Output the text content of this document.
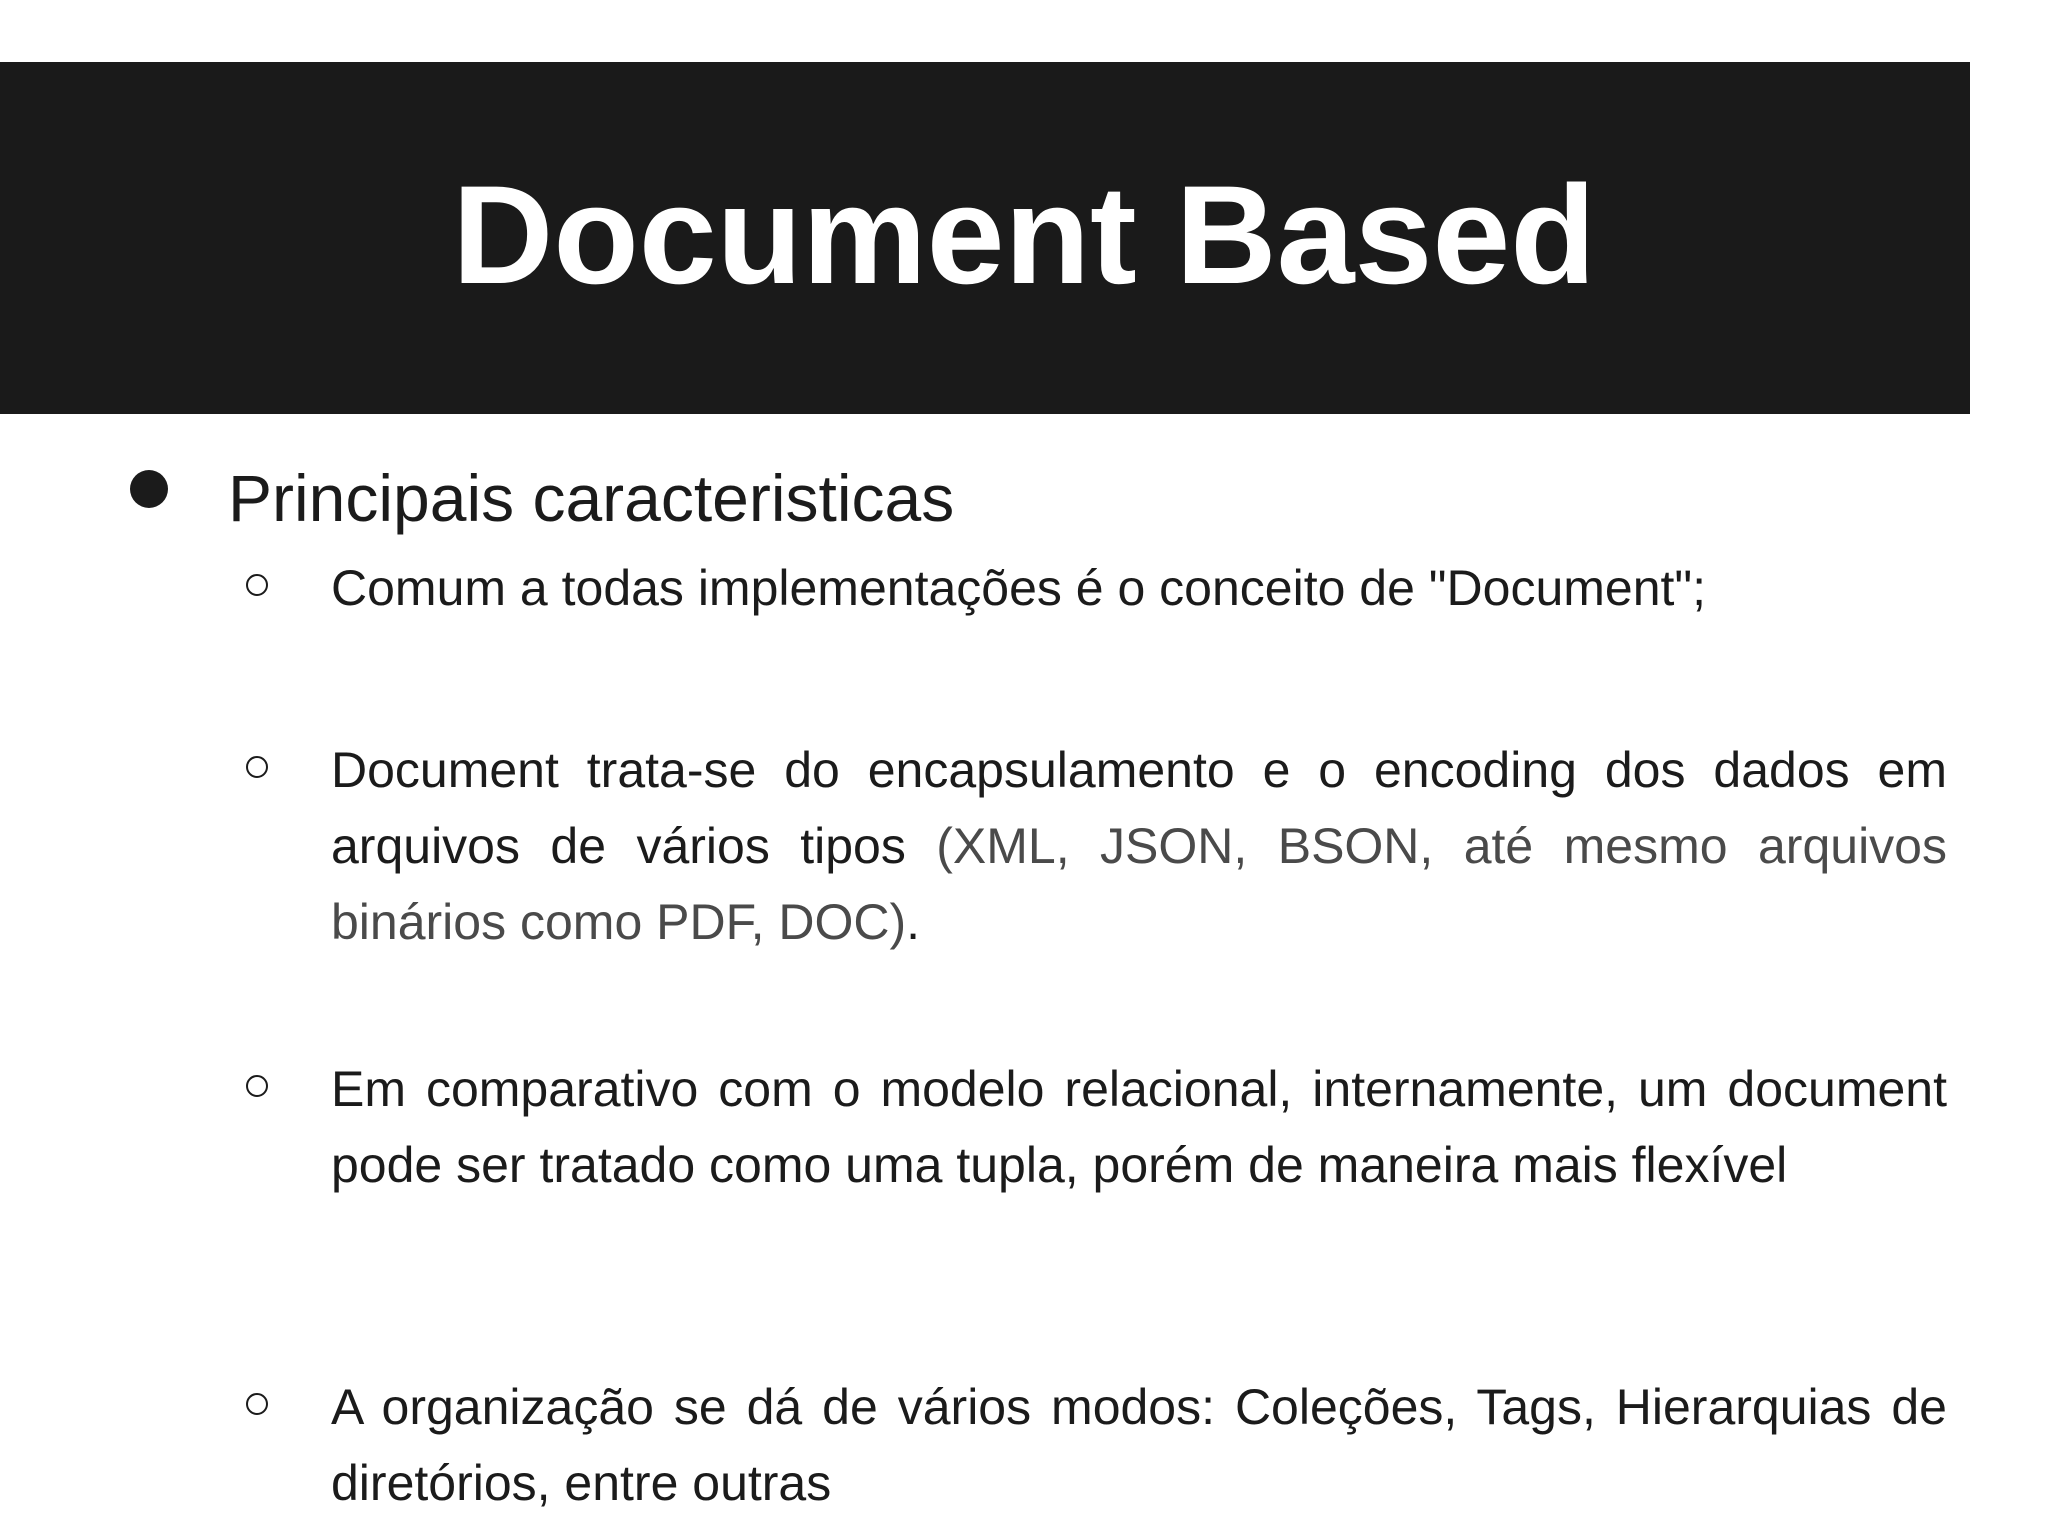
Document Based
Principais caracteristicas
Comum a todas implementações é o conceito de "Document";
Document trata-se do encapsulamento e o encoding dos dados em arquivos de vários tipos (XML, JSON, BSON, até mesmo arquivos binários como PDF, DOC).
Em comparativo com o modelo relacional, internamente, um document pode ser tratado como uma tupla, porém de maneira mais flexível
A organização se dá de vários modos: Coleções, Tags, Hierarquias de diretórios, entre outras
